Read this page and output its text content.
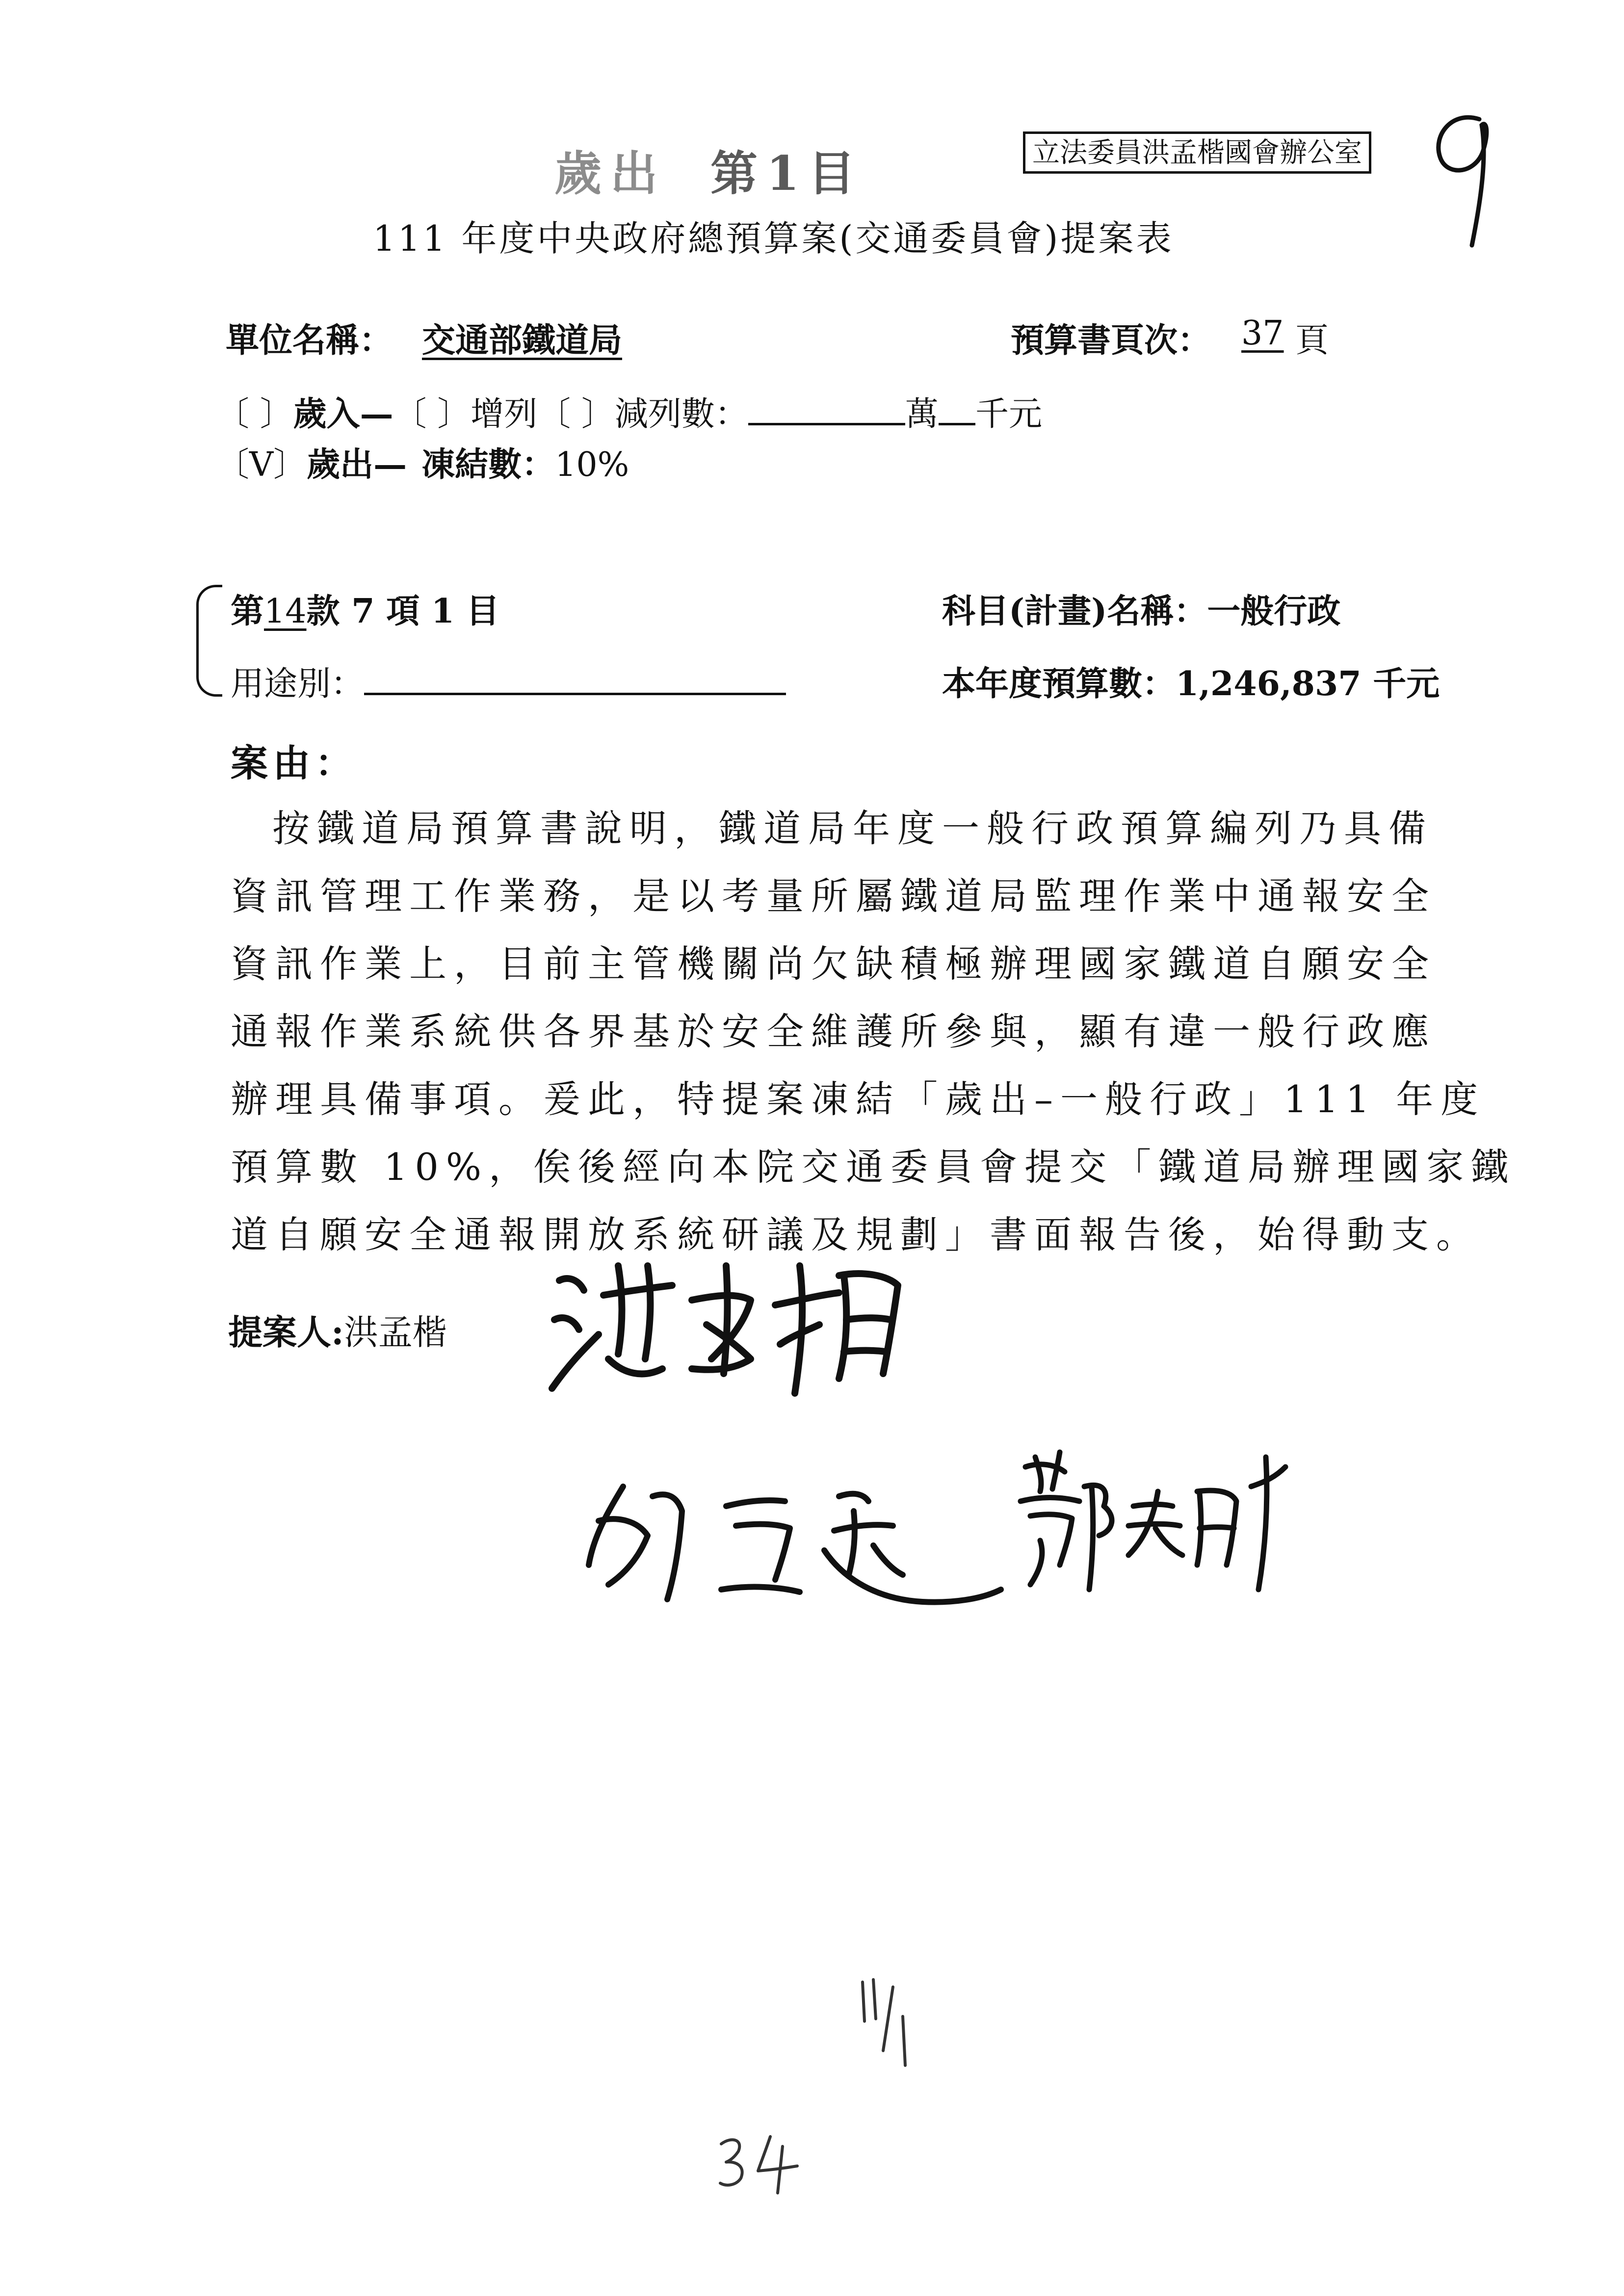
歲出 第1目	立法委員洪孟楷國會辦公室
111 年度中央政府總預算案(交通委員會)提案表
單位名稱： 交通部鐵道局	預算書頁次： 37 頁
〔 〕歲入—〔 〕增列〔 〕減列數：	萬 千元
〔V〕歲出— 凍結數：10%
第14款 7 項 1 目
用途別：
科目(計畫)名稱：一般行政
本年度預算數：1,246,837 千元
案由：
按鐵道局預算書說明，鐵道局年度一般行政預算編列乃具備
資訊管理工作業務，是以考量所屬鐵道局監理作業中通報安全
資訊作業上，目前主管機關尚欠缺積極辦理國家鐵道自願安全
通報作業系統供各界基於安全維護所參與，顯有違一般行政應
辦理具備事項。爰此，特提案凍結「歲出–一般行政」111 年度
預算數 10%，俟後經向本院交通委員會提交「鐵道局辦理國家鐵
道自願安全通報開放系統研議及規劃」書面報告後，始得動支。
提案人:洪孟楷
